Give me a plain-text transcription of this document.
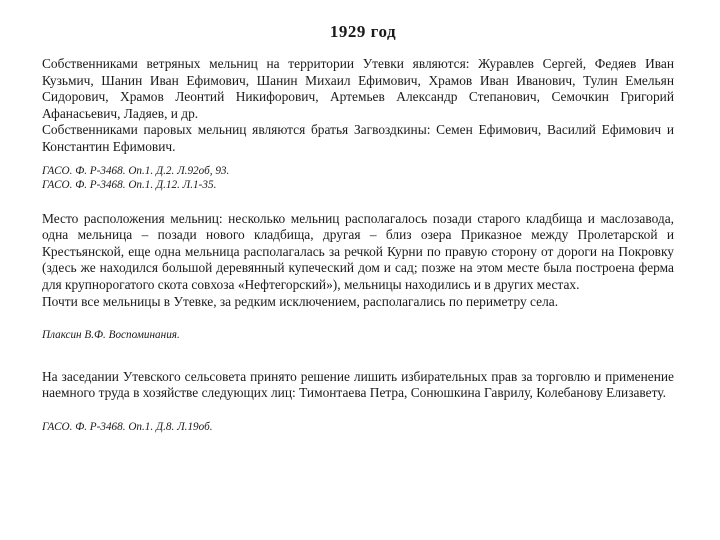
1929 год

Собственниками ветряных мельниц на территории Утевки являются: Журавлев Сергей, Федяев Иван Кузьмич, Шанин Иван Ефимович, Шанин Михаил Ефимович, Храмов Иван Иванович, Тулин Емельян Сидорович, Храмов Леонтий Никифорович, Артемьев Александр Степанович, Семочкин Григорий Афанасьевич, Ладяев, и др.

Собственниками паровых мельниц являются братья Загвоздкины: Семен Ефимович, Василий Ефимович и Константин Ефимович.

ГАСО. Ф. Р-3468. Оп.1. Д.2. Л.92об, 93.

ГАСО. Ф. Р-3468. Оп.1. Д.12. Л.1-35.

Место расположения мельниц: несколько мельниц располагалось позади старого кладбища и маслозавода, одна мельница – позади нового кладбища, другая – близ озера Приказное между Пролетарской и Крестьянской, еще одна мельница располагалась за речкой Курни по правую сторону от дороги на Покровку (здесь же находился большой деревянный купеческий дом и сад; позже на этом месте была построена ферма для крупнорогатого скота совхоза «Нефтегорский»), мельницы находились и в других местах.

Почти все мельницы в Утевке, за редким исключением, располагались по периметру села.

Плаксин В.Ф. Воспоминания.

На заседании Утевского сельсовета принято решение лишить избирательных прав за торговлю и применение наемного труда в хозяйстве следующих лиц: Тимонтаева Петра, Сонюшкина Гаврилу, Колебанову Елизавету.

ГАСО. Ф. Р-3468. Оп.1. Д.8. Л.19об.
